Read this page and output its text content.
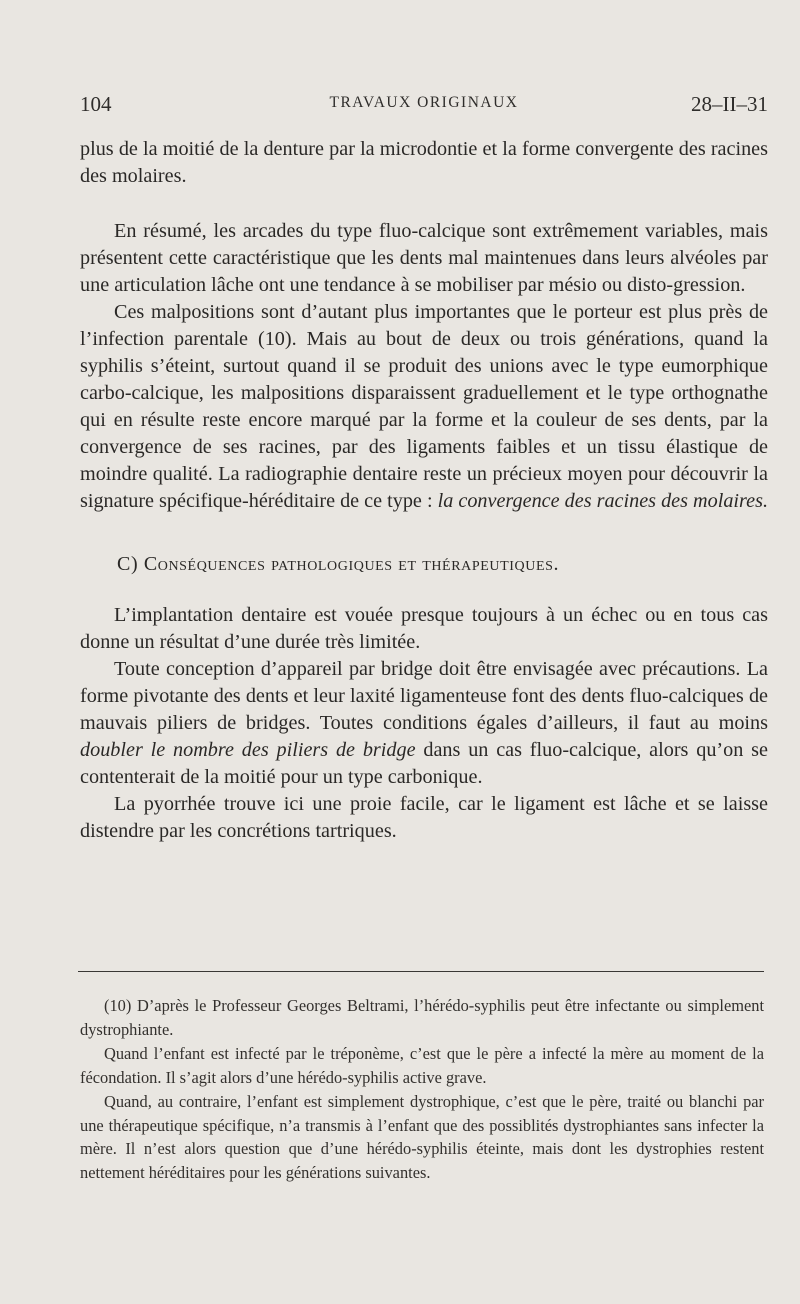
104	TRAVAUX ORIGINAUX	28–II–31

plus de la moitié de la denture par la microdontie et la forme convergente des racines des molaires.

En résumé, les arcades du type fluo-calcique sont extrêmement variables, mais présentent cette caractéristique que les dents mal maintenues dans leurs alvéoles par une articulation lâche ont une tendance à se mobiliser par mésio ou disto-gression.

Ces malpositions sont d’autant plus importantes que le porteur est plus près de l’infection parentale (10). Mais au bout de deux ou trois générations, quand la syphilis s’éteint, surtout quand il se produit des unions avec le type eumorphique carbo-calcique, les malpositions disparaissent graduellement et le type orthognathe qui en résulte reste encore marqué par la forme et la couleur de ses dents, par la convergence de ses racines, par des ligaments faibles et un tissu élastique de moindre qualité. La radiographie dentaire reste un précieux moyen pour découvrir la signature spécifique-héréditaire de ce type : la convergence des racines des molaires.

C) Conséquences pathologiques et thérapeutiques.

L’implantation dentaire est vouée presque toujours à un échec ou en tous cas donne un résultat d’une durée très limitée.

Toute conception d’appareil par bridge doit être envisagée avec précautions. La forme pivotante des dents et leur laxité ligamenteuse font des dents fluo-calciques de mauvais piliers de bridges. Toutes conditions égales d’ailleurs, il faut au moins doubler le nombre des piliers de bridge dans un cas fluo-calcique, alors qu’on se contenterait de la moitié pour un type carbonique.

La pyorrhée trouve ici une proie facile, car le ligament est lâche et se laisse distendre par les concrétions tartriques.

(10) D’après le Professeur Georges Beltrami, l’hérédo-syphilis peut être infectante ou simplement dystrophiante.

Quand l’enfant est infecté par le tréponème, c’est que le père a infecté la mère au moment de la fécondation. Il s’agit alors d’une hérédo-syphilis active grave.

Quand, au contraire, l’enfant est simplement dystrophique, c’est que le père, traité ou blanchi par une thérapeutique spécifique, n’a transmis à l’enfant que des possiblités dystrophiantes sans infecter la mère. Il n’est alors question que d’une hérédo-syphilis éteinte, mais dont les dystrophies restent nettement héréditaires pour les générations suivantes.
